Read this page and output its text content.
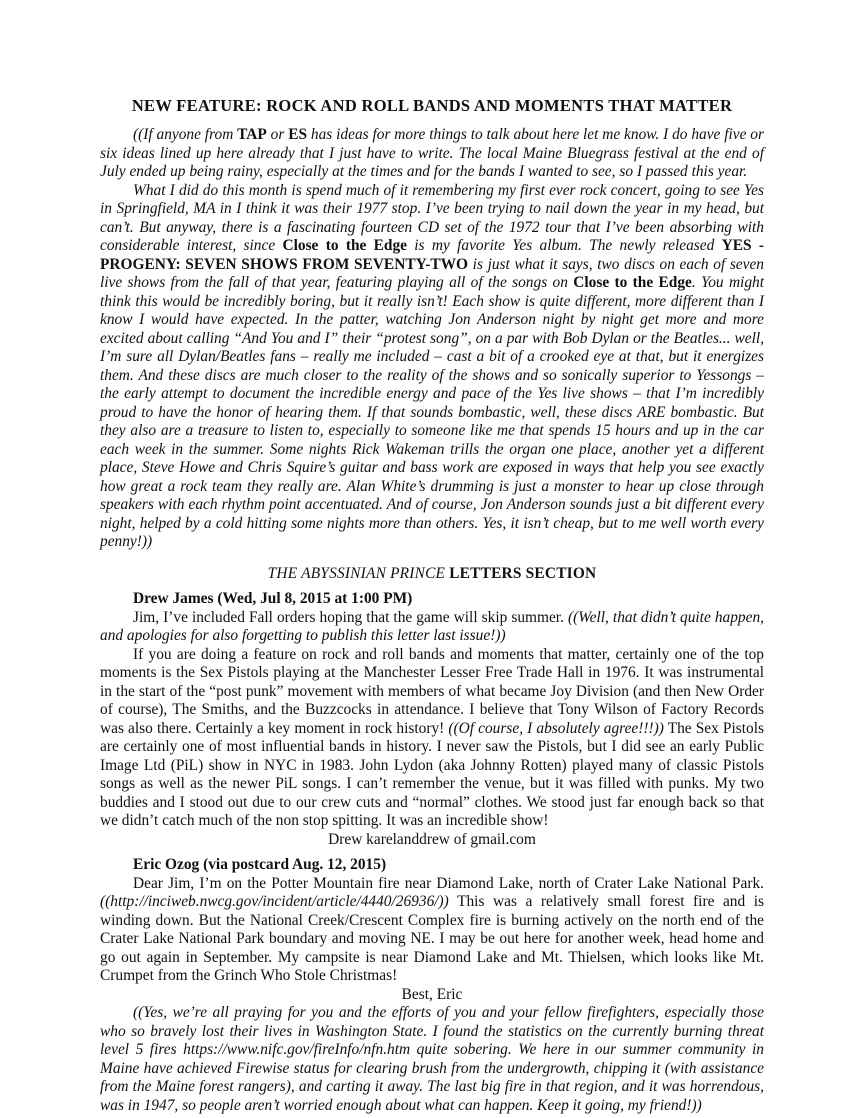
NEW FEATURE: ROCK AND ROLL BANDS AND MOMENTS THAT MATTER
((If anyone from TAP or ES has ideas for more things to talk about here let me know. I do have five or six ideas lined up here already that I just have to write. The local Maine Bluegrass festival at the end of July ended up being rainy, especially at the times and for the bands I wanted to see, so I passed this year.
What I did do this month is spend much of it remembering my first ever rock concert, going to see Yes in Springfield, MA in I think it was their 1977 stop. I’ve been trying to nail down the year in my head, but can’t. But anyway, there is a fascinating fourteen CD set of the 1972 tour that I’ve been absorbing with considerable interest, since Close to the Edge is my favorite Yes album. The newly released YES - PROGENY: SEVEN SHOWS FROM SEVENTY-TWO is just what it says, two discs on each of seven live shows from the fall of that year, featuring playing all of the songs on Close to the Edge. You might think this would be incredibly boring, but it really isn’t! Each show is quite different, more different than I know I would have expected. In the patter, watching Jon Anderson night by night get more and more excited about calling “And You and I” their “protest song”, on a par with Bob Dylan or the Beatles... well, I’m sure all Dylan/Beatles fans – really me included – cast a bit of a crooked eye at that, but it energizes them. And these discs are much closer to the reality of the shows and so sonically superior to Yessongs – the early attempt to document the incredible energy and pace of the Yes live shows – that I’m incredibly proud to have the honor of hearing them. If that sounds bombastic, well, these discs ARE bombastic. But they also are a treasure to listen to, especially to someone like me that spends 15 hours and up in the car each week in the summer. Some nights Rick Wakeman trills the organ one place, another yet a different place, Steve Howe and Chris Squire’s guitar and bass work are exposed in ways that help you see exactly how great a rock team they really are. Alan White’s drumming is just a monster to hear up close through speakers with each rhythm point accentuated. And of course, Jon Anderson sounds just a bit different every night, helped by a cold hitting some nights more than others. Yes, it isn’t cheap, but to me well worth every penny!))
THE ABYSSINIAN PRINCE LETTERS SECTION
Drew James (Wed, Jul 8, 2015 at 1:00 PM)
Jim, I’ve included Fall orders hoping that the game will skip summer. ((Well, that didn’t quite happen, and apologies for also forgetting to publish this letter last issue!))
If you are doing a feature on rock and roll bands and moments that matter, certainly one of the top moments is the Sex Pistols playing at the Manchester Lesser Free Trade Hall in 1976. It was instrumental in the start of the “post punk” movement with members of what became Joy Division (and then New Order of course), The Smiths, and the Buzzcocks in attendance. I believe that Tony Wilson of Factory Records was also there. Certainly a key moment in rock history! ((Of course, I absolutely agree!!!)) The Sex Pistols are certainly one of most influential bands in history. I never saw the Pistols, but I did see an early Public Image Ltd (PiL) show in NYC in 1983. John Lydon (aka Johnny Rotten) played many of classic Pistols songs as well as the newer PiL songs. I can’t remember the venue, but it was filled with punks. My two buddies and I stood out due to our crew cuts and “normal” clothes. We stood just far enough back so that we didn’t catch much of the non stop spitting. It was an incredible show!
Drew karelanddrew of gmail.com
Eric Ozog (via postcard Aug. 12, 2015)
Dear Jim, I’m on the Potter Mountain fire near Diamond Lake, north of Crater Lake National Park. ((http://inciweb.nwcg.gov/incident/article/4440/26936/)) This was a relatively small forest fire and is winding down. But the National Creek/Crescent Complex fire is burning actively on the north end of the Crater Lake National Park boundary and moving NE. I may be out here for another week, head home and go out again in September. My campsite is near Diamond Lake and Mt. Thielsen, which looks like Mt. Crumpet from the Grinch Who Stole Christmas!
Best, Eric
((Yes, we’re all praying for you and the efforts of you and your fellow firefighters, especially those who so bravely lost their lives in Washington State. I found the statistics on the currently burning threat level 5 fires https://www.nifc.gov/fireInfo/nfn.htm quite sobering. We here in our summer community in Maine have achieved Firewise status for clearing brush from the undergrowth, chipping it (with assistance from the Maine forest rangers), and carting it away. The last big fire in that region, and it was horrendous, was in 1947, so people aren’t worried enough about what can happen. Keep it going, my friend!))
